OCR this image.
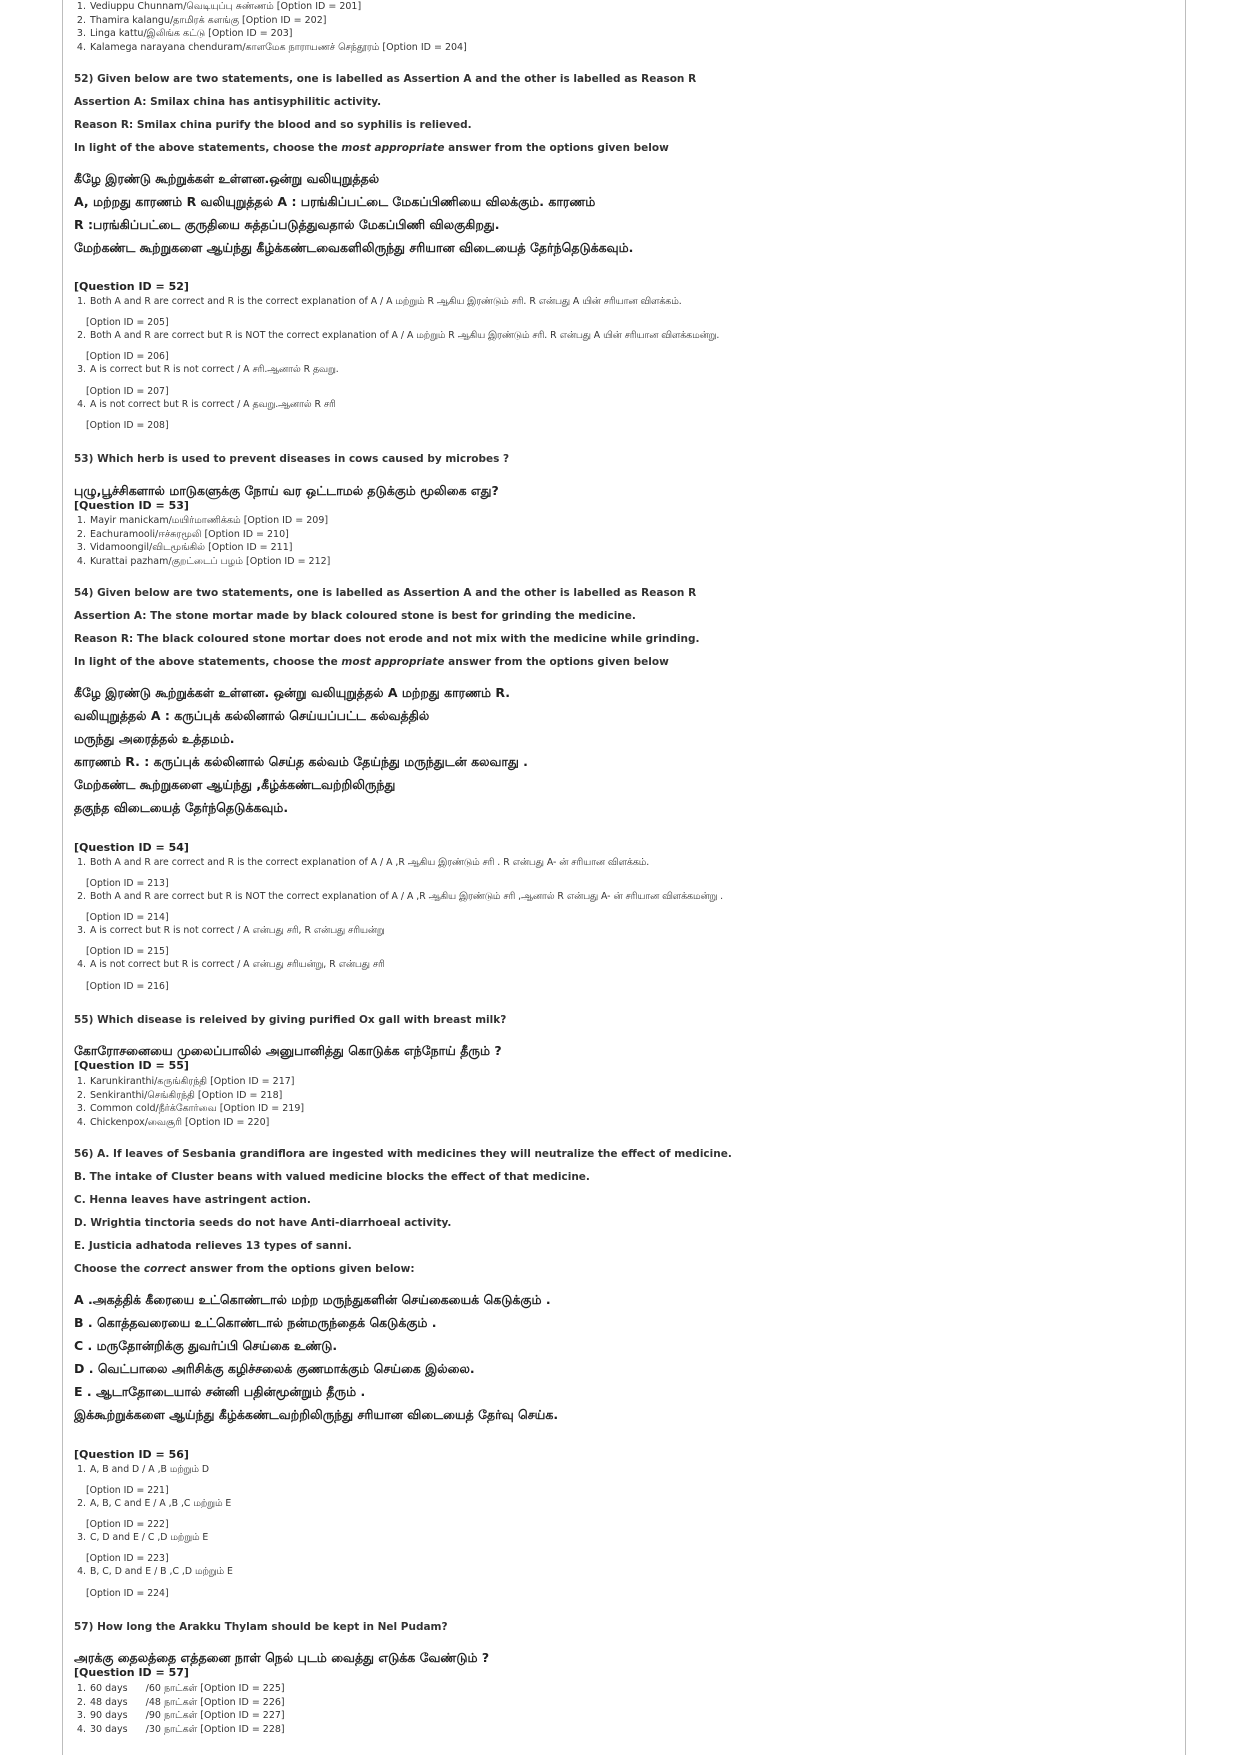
1. Vediuppu Chunnam/வெடியுப்பு சுண்ணம் [Option ID = 201]
2. Thamira kalangu/தாமிரக் களங்கு [Option ID = 202]
3. Linga kattu/இலிங்க கட்டு [Option ID = 203]
4. Kalamega narayana chenduram/காளமேக நாராயணச் செந்தூரம் [Option ID = 204]
52) Given below are two statements, one is labelled as Assertion A and the other is labelled as Reason R
Assertion A: Smilax china has antisyphilitic activity.
Reason R: Smilax china purify the blood and so syphilis is relieved.
In light of the above statements, choose the most appropriate answer from the options given below
கீழே இரண்டு கூற்றுக்கள் உள்ளன.ஒன்று வலியுறுத்தல்
A, மற்றது காரணம் R வலியுறுத்தல் A : பரங்கிப்பட்டை மேகப்பிணியை விலக்கும். காரணம்
R :பரங்கிப்பட்டை குருதியை சுத்தப்படுத்துவதால் மேகப்பிணி விலகுகிறது.
மேற்கண்ட கூற்றுகளை ஆய்ந்து கீழ்க்கண்டவைகளிலிருந்து சரியான விடையைத் தேர்ந்தெடுக்கவும்.
[Question ID = 52]
1. Both A and R are correct and R is the correct explanation of A / A மற்றும் R ஆகிய இரண்டும் சரி. R என்பது A யின் சரியான விளக்கம்.
[Option ID = 205]
2. Both A and R are correct but R is NOT the correct explanation of A / A மற்றும் R ஆகிய இரண்டும் சரி. R என்பது A யின் சரியான விளக்கமன்று.
[Option ID = 206]
3. A is correct but R is not correct / A சரி.ஆனால் R தவறு.
[Option ID = 207]
4. A is not correct but R is correct / A தவறு.ஆனால் R சரி
[Option ID = 208]
53) Which herb is used to prevent diseases in cows caused by microbes ?
புழு,பூச்சிகளால் மாடுகளுக்கு நோய் வர ஒட்டாமல் தடுக்கும் மூலிகை எது?
[Question ID = 53]
1. Mayir manickam/மயிர்மாணிக்கம் [Option ID = 209]
2. Eachuramooli/ஈச்சுரமூலி [Option ID = 210]
3. Vidamoongil/விடமூங்கில் [Option ID = 211]
4. Kurattai pazham/குறட்டைப் பழம் [Option ID = 212]
54) Given below are two statements, one is labelled as Assertion A and the other is labelled as Reason R
Assertion A: The stone mortar made by black coloured stone is best for grinding the medicine.
Reason R: The black coloured stone mortar does not erode and not mix with the medicine while grinding.
In light of the above statements, choose the most appropriate answer from the options given below
கீழே இரண்டு கூற்றுக்கள் உள்ளன. ஒன்று வலியுறுத்தல் A மற்றது காரணம் R.
வலியுறுத்தல் A : கருப்புக் கல்லினால் செய்யப்பட்ட கல்வத்தில்
மருந்து அரைத்தல் உத்தமம்.
காரணம் R. : கருப்புக் கல்லினால் செய்த கல்வம் தேய்ந்து மருந்துடன் கலவாது .
மேற்கண்ட கூற்றுகளை ஆய்ந்து ,கீழ்க்கண்டவற்றிலிருந்து
தகுந்த விடையைத் தேர்ந்தெடுக்கவும்.
[Question ID = 54]
1. Both A and R are correct and R is the correct explanation of A / A ,R ஆகிய இரண்டும் சரி . R என்பது A- ன் சரியான விளக்கம்.
[Option ID = 213]
2. Both A and R are correct but R is NOT the correct explanation of A / A ,R ஆகிய இரண்டும் சரி ,ஆனால் R என்பது A- ன் சரியான விளக்கமன்று .
[Option ID = 214]
3. A is correct but R is not correct / A என்பது சரி, R என்பது சரியன்று
[Option ID = 215]
4. A is not correct but R is correct / A என்பது சரியன்று, R என்பது சரி
[Option ID = 216]
55) Which disease is releived by giving purified Ox gall with breast milk?
கோரோசனையை முலைப்பாலில் அனுபானித்து கொடுக்க எந்நோய் தீரும் ?
[Question ID = 55]
1. Karunkiranthi/கருங்கிரந்தி [Option ID = 217]
2. Senkiranthi/செங்கிரந்தி [Option ID = 218]
3. Common cold/நீர்க்கோர்வை [Option ID = 219]
4. Chickenpox/வைசூரி [Option ID = 220]
56) A. If leaves of Sesbania grandiflora are ingested with medicines they will neutralize the effect of medicine.
B. The intake of Cluster beans with valued medicine blocks the effect of that medicine.
C. Henna leaves have astringent action.
D. Wrightia tinctoria seeds do not have Anti-diarrhoeal activity.
E. Justicia adhatoda relieves 13 types of sanni.
Choose the correct answer from the options given below:
A .அகத்திக் கீரையை உட்கொண்டால் மற்ற மருந்துகளின் செய்கையைக் கெடுக்கும் .
B . கொத்தவரையை உட்கொண்டால் நன்மருந்தைக் கெடுக்கும் .
C . மருதோன்றிக்கு துவர்ப்பி செய்கை உண்டு.
D . வெட்பாலை அரிசிக்கு கழிச்சலைக் குணமாக்கும் செய்கை இல்லை.
E . ஆடாதோடையால் சன்னி பதின்மூன்றும் தீரும் .
இக்கூற்றுக்களை ஆய்ந்து கீழ்க்கண்டவற்றிலிருந்து சரியான விடையைத் தேர்வு செய்க.
[Question ID = 56]
1. A, B and D / A ,B மற்றும் D
[Option ID = 221]
2. A, B, C and E / A ,B ,C மற்றும் E
[Option ID = 222]
3. C, D and E / C ,D மற்றும் E
[Option ID = 223]
4. B, C, D and E / B ,C ,D மற்றும் E
[Option ID = 224]
57) How long the Arakku Thylam should be kept in Nel Pudam?
அரக்கு தைலத்தை எத்தனை நாள் நெல் புடம் வைத்து எடுக்க வேண்டும் ?
[Question ID = 57]
1. 60 days      /60 நாட்கள் [Option ID = 225]
2. 48 days      /48 நாட்கள் [Option ID = 226]
3. 90 days      /90 நாட்கள் [Option ID = 227]
4. 30 days      /30 நாட்கள் [Option ID = 228]
